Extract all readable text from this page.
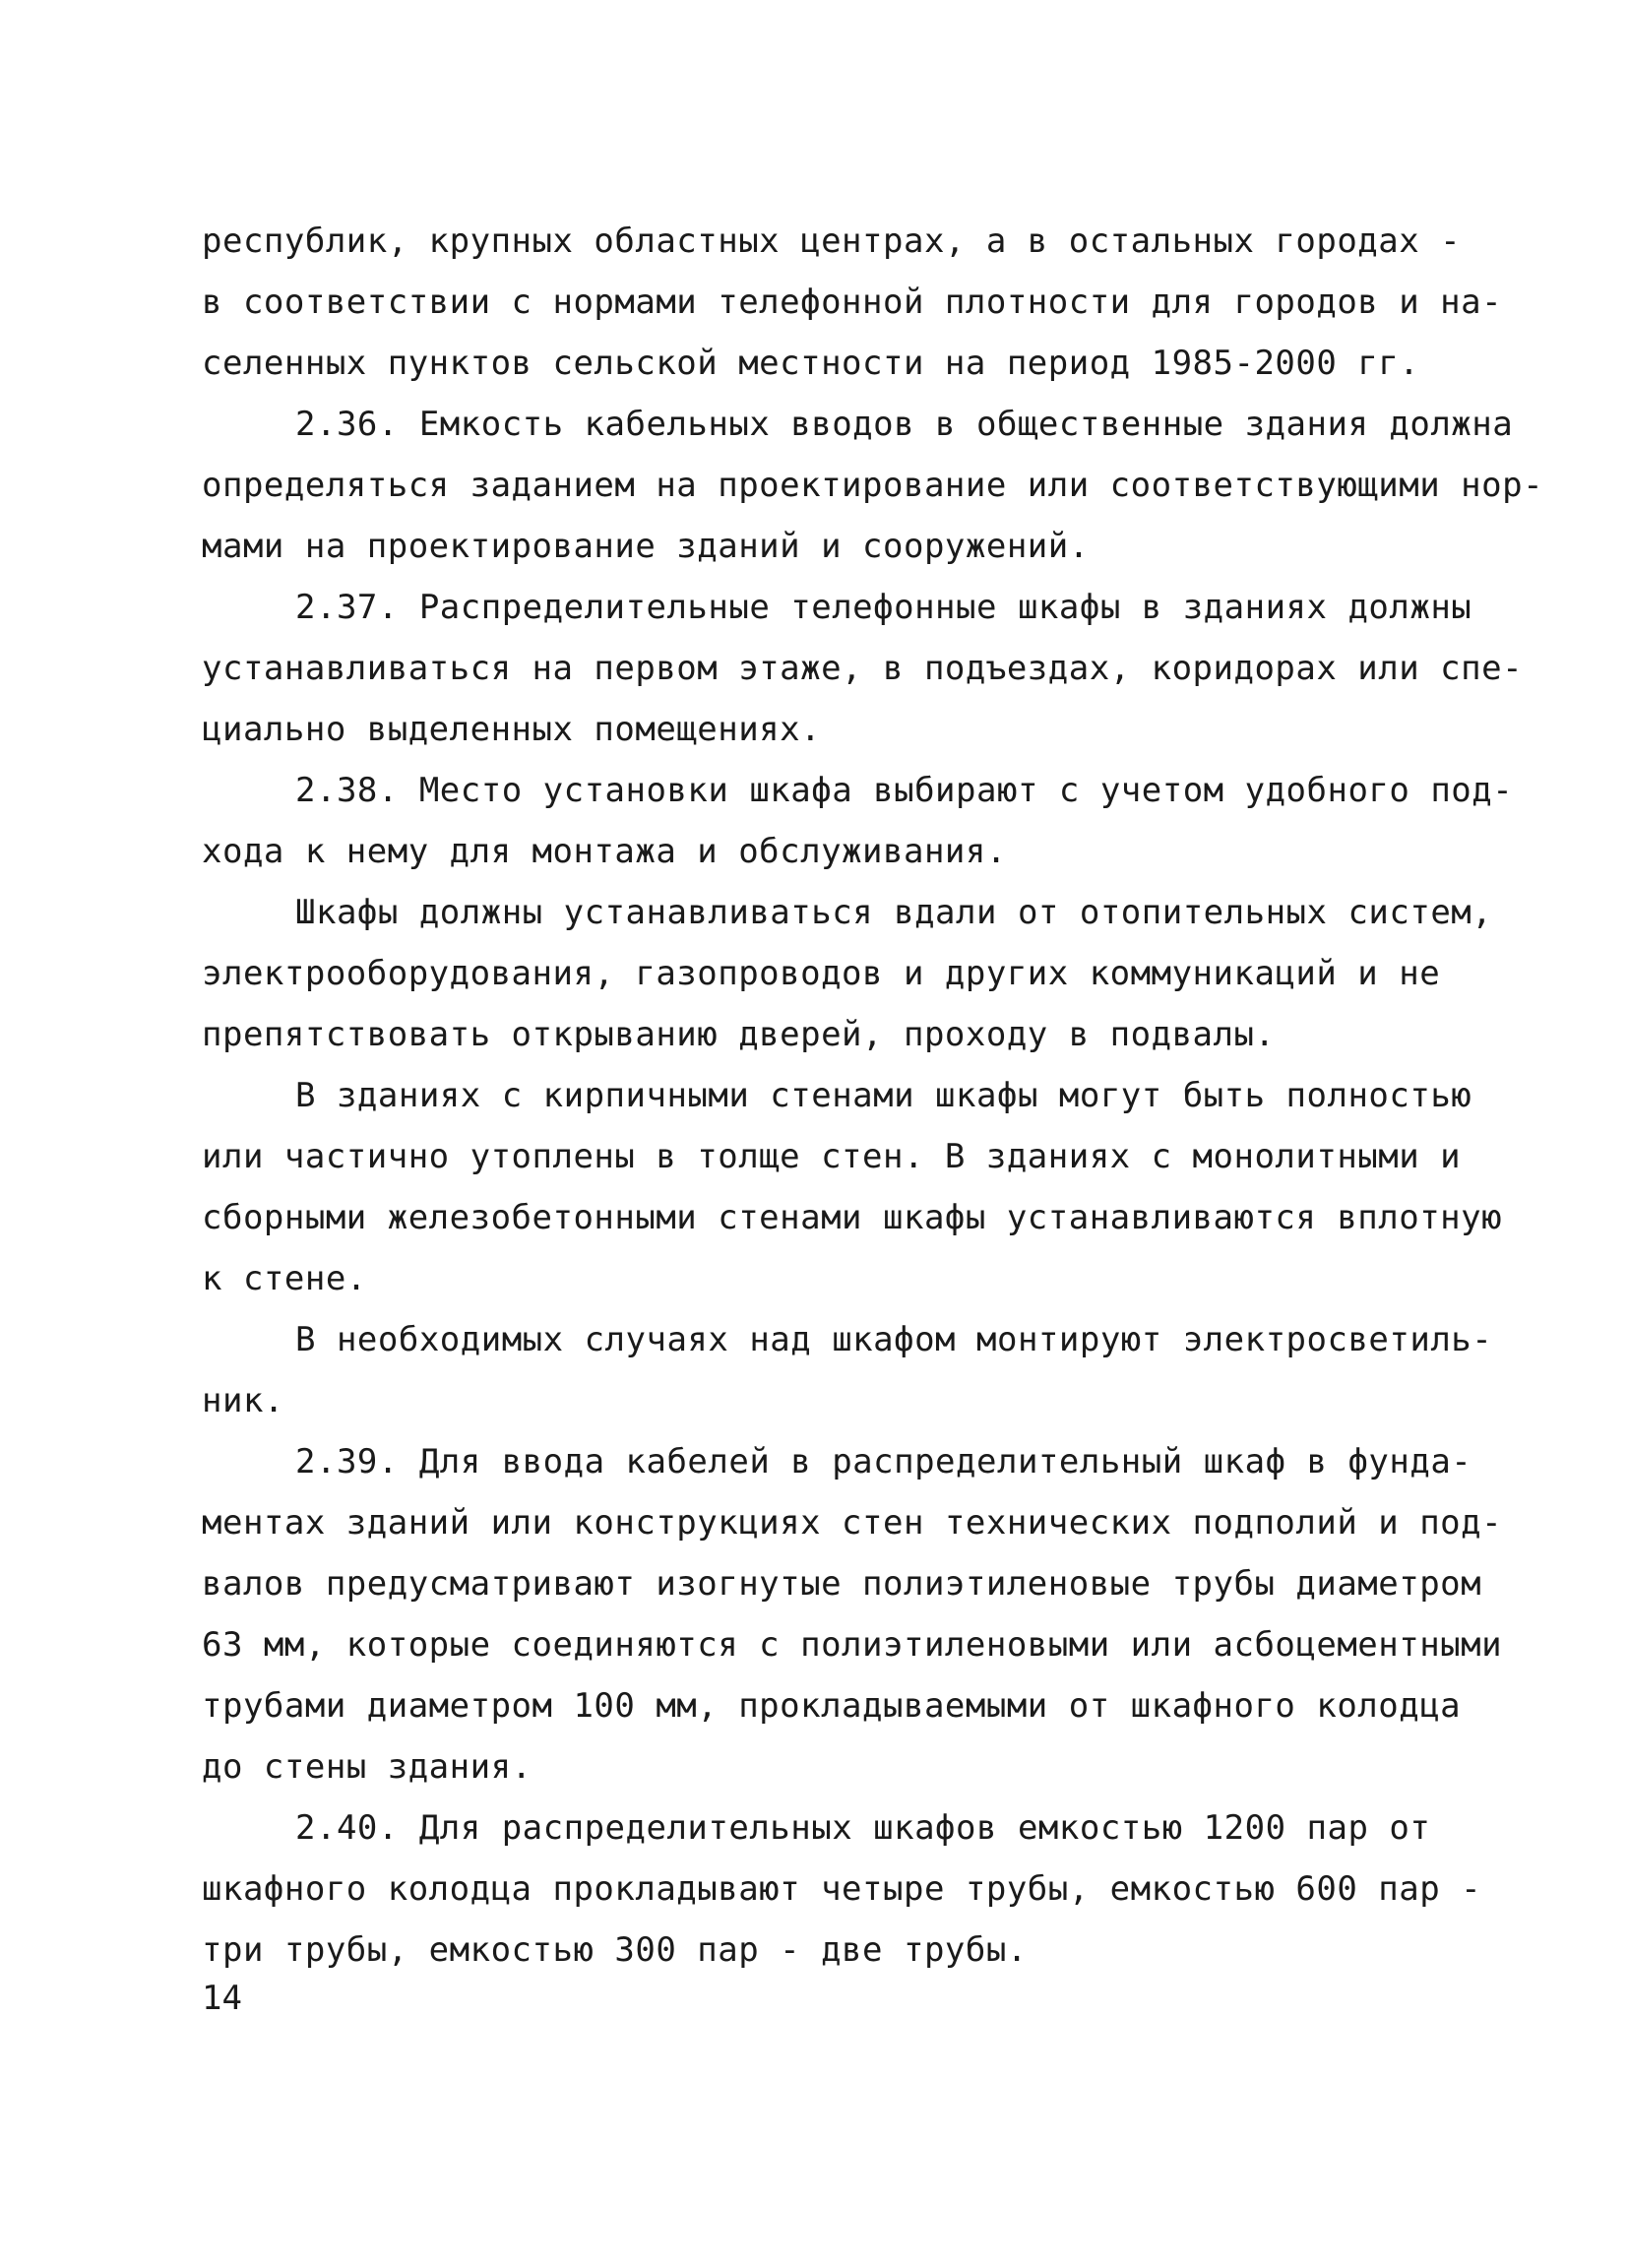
республик, крупных областных центрах, а в остальных городах -
в соответствии с нормами телефонной плотности для городов и на-
селенных пунктов сельской местности на период 1985-2000 гг.
2.36. Емкость кабельных вводов в общественные здания должна
определяться заданием на проектирование или соответствующими нор-
мами на проектирование зданий и сооружений.
2.37. Распределительные телефонные шкафы в зданиях должны
устанавливаться на первом этаже, в подъездах, коридорах или спе-
циально выделенных помещениях.
2.38. Место установки шкафа выбирают с учетом удобного под-
хода к нему для монтажа и обслуживания.
Шкафы должны устанавливаться вдали от отопительных систем,
электрооборудования, газопроводов и других коммуникаций и не
препятствовать открыванию дверей, проходу в подвалы.
В зданиях с кирпичными стенами шкафы могут быть полностью
или частично утоплены в толще стен. В зданиях с монолитными и
сборными железобетонными стенами шкафы устанавливаются вплотную
к стене.
В необходимых случаях над шкафом монтируют электросветиль-
ник.
2.39. Для ввода кабелей в распределительный шкаф в фунда-
ментах зданий или конструкциях стен технических подполий и под-
валов предусматривают изогнутые полиэтиленовые трубы диаметром
63 мм, которые соединяются с полиэтиленовыми или асбоцементными
трубами диаметром 100 мм, прокладываемыми от шкафного колодца
до стены здания.
2.40. Для распределительных шкафов емкостью 1200 пар от
шкафного колодца прокладывают четыре трубы, емкостью 600 пар -
три трубы, емкостью 300 пар - две трубы.
14
